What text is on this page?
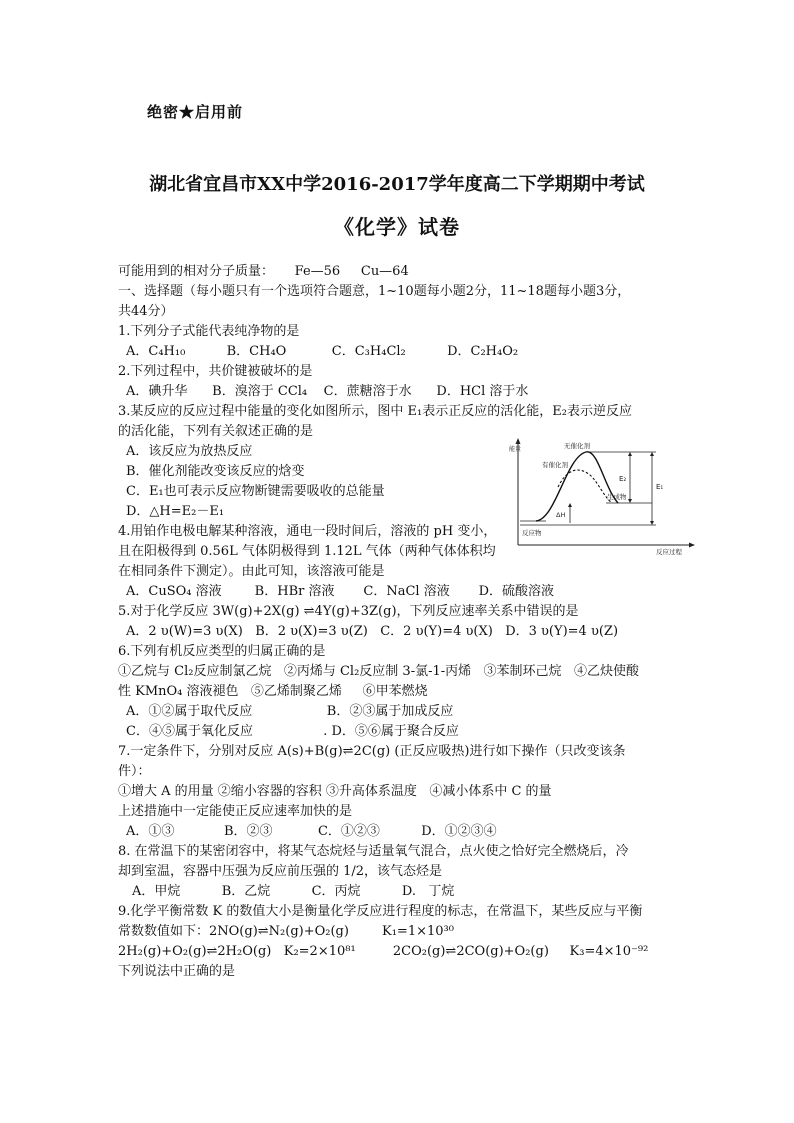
绝密★启用前
湖北省宜昌市XX中学2016-2017学年度高二下学期期中考试
《化学》试卷
可能用到的相对分子质量：     Fe—56     Cu—64
一、选择题（每小题只有一个选项符合题意，1~10题每小题2分，11~18题每小题3分，
共44分）
1.下列分子式能代表纯净物的是
A．C₄H₁₀          B．CH₄O           C．C₃H₄Cl₂          D．C₂H₄O₂
2.下列过程中，共价键被破坏的是
A．碘升华      B．溴溶于 CCl₄    C．蔗糖溶于水      D．HCl 溶于水
3.某反应的反应过程中能量的变化如图所示，图中 E₁表示正反应的活化能，E₂表示逆反应
的活化能，下列有关叙述正确的是
A．该反应为放热反应
B．催化剂能改变该反应的焓变
C．E₁也可表示反应物断键需要吸收的总能量
D．△H=E₂－E₁
4.用铂作电极电解某种溶液，通电一段时间后，溶液的 pH 变小，
且在阳极得到 0.56L 气体阴极得到 1.12L 气体（两种气体体积均
在相同条件下测定）。由此可知，该溶液可能是
A．CuSO₄ 溶液        B．HBr 溶液       C．NaCl 溶液       D．硫酸溶液
5.对于化学反应 3W(g)+2X(g) ⇌4Y(g)+3Z(g)，下列反应速率关系中错误的是
A．2 υ(W)=3 υ(X)   B．2 υ(X)=3 υ(Z)   C．2 υ(Y)=4 υ(X)   D．3 υ(Y)=4 υ(Z)
6.下列有机反应类型的归属正确的是
①乙烷与 Cl₂反应制氯乙烷   ②丙烯与 Cl₂反应制 3-氯-1-丙烯   ③苯制环己烷   ④乙炔使酸
性 KMnO₄ 溶液褪色   ⑤乙烯制聚乙烯     ⑥甲苯燃烧
A．①②属于取代反应                  B．②③属于加成反应
C．④⑤属于氧化反应                 . D．⑤⑥属于聚合反应
7.一定条件下，分别对反应 A(s)+B(g)⇌2C(g) (正反应吸热)进行如下操作（只改变该条
件）：
①增大 A 的用量 ②缩小容器的容积 ③升高体系温度   ④减小体系中 C 的量
上述措施中一定能使正反应速率加快的是
A．①③            B．②③           C．①②③          D．①②③④
8. 在常温下的某密闭容中，将某气态烷烃与适量氧气混合，点火使之恰好完全燃烧后，冷
却到室温，容器中压强为反应前压强的 1/2，该气态烃是
A．甲烷          B．乙烷          C．丙烷          D.   丁烷
9.化学平衡常数 K 的数值大小是衡量化学反应进行程度的标志，在常温下，某些反应与平衡
常数数值如下：2NO(g)⇌N₂(g)+O₂(g)        K₁=1×10³⁰
2H₂(g)+O₂(g)⇌2H₂O(g)   K₂=2×10⁸¹         2CO₂(g)⇌2CO(g)+O₂(g)     K₃=4×10⁻⁹²
下列说法中正确的是
能量
反应过程
E₂
E₁
ΔH
无催化剂
有催化剂
生成物
反应物
